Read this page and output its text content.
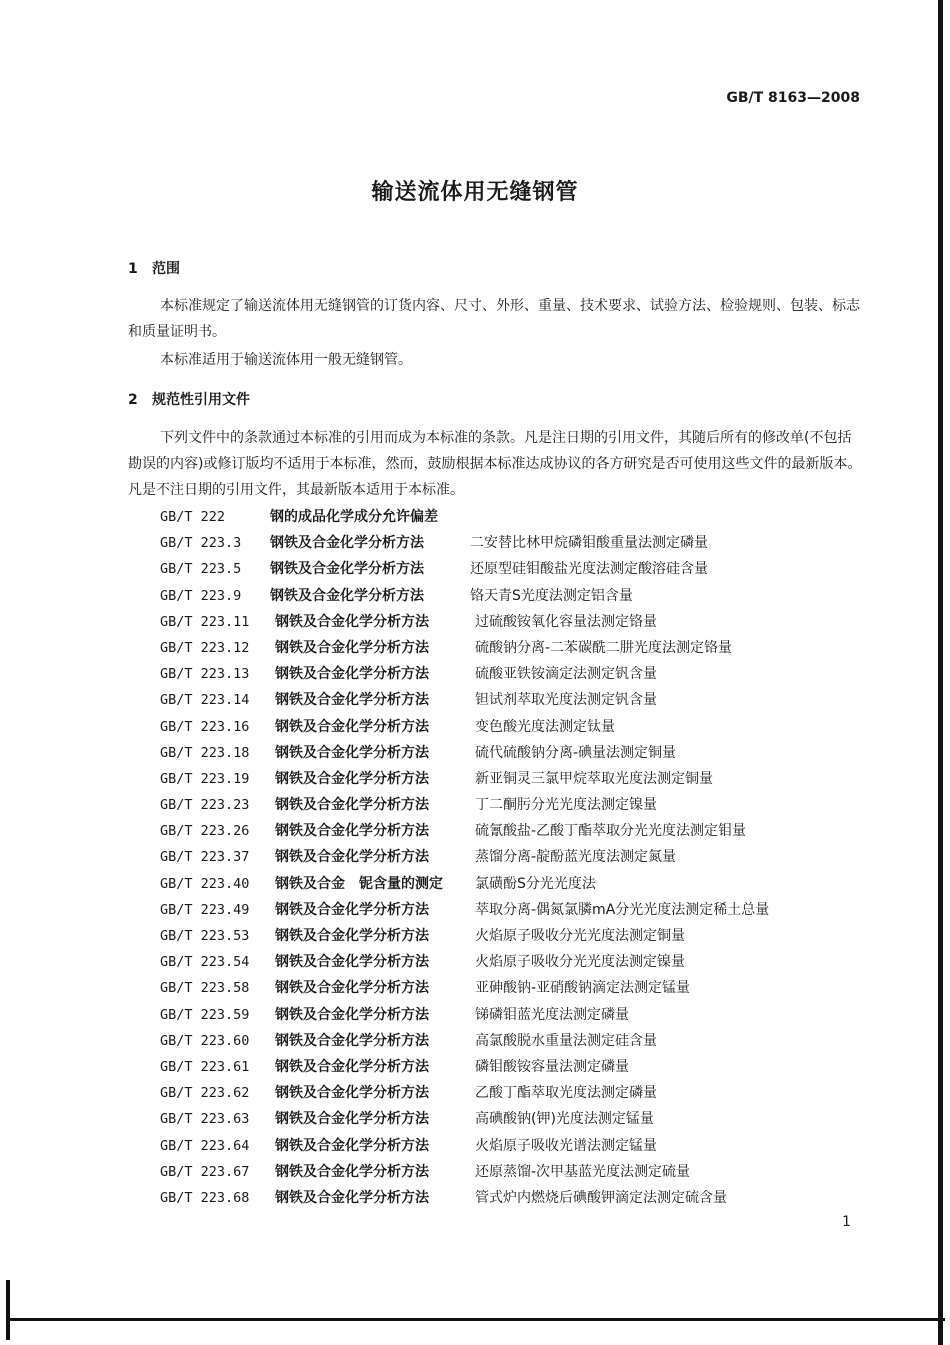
GB/T 8163—2008
输送流体用无缝钢管
1 范围

本标准规定了输送流体用无缝钢管的订货内容、尺寸、外形、重量、技术要求、试验方法、检验规则、包装、标志和质量证明书。

本标准适用于输送流体用一般无缝钢管。

2 规范性引用文件

下列文件中的条款通过本标准的引用而成为本标准的条款。凡是注日期的引用文件，其随后所有的修改单(不包括勘误的内容)或修订版均不适用于本标准，然而，鼓励根据本标准达成协议的各方研究是否可使用这些文件的最新版本。凡是不注日期的引用文件，其最新版本适用于本标准。

GB/T 222	钢的成品化学成分允许偏差
GB/T 223.3 钢铁及合金化学分析方法	二安替比林甲烷磷钼酸重量法测定磷量
GB/T 223.5 钢铁及合金化学分析方法	还原型硅钼酸盐光度法测定酸溶硅含量
GB/T 223.9 钢铁及合金化学分析方法	铬天青S光度法测定铝含量
GB/T 223.11 钢铁及合金化学分析方法	过硫酸铵氧化容量法测定铬量
GB/T 223.12 钢铁及合金化学分析方法	硫酸钠分离-二苯碳酰二肼光度法测定铬量
GB/T 223.13 钢铁及合金化学分析方法	硫酸亚铁铵滴定法测定钒含量
GB/T 223.14 钢铁及合金化学分析方法	钽试剂萃取光度法测定钒含量
GB/T 223.16 钢铁及合金化学分析方法	变色酸光度法测定钛量
GB/T 223.18 钢铁及合金化学分析方法	硫代硫酸钠分离-碘量法测定铜量
GB/T 223.19 钢铁及合金化学分析方法	新亚铜灵三氯甲烷萃取光度法测定铜量
GB/T 223.23 钢铁及合金化学分析方法	丁二酮肟分光光度法测定镍量
GB/T 223.26 钢铁及合金化学分析方法	硫氰酸盐-乙酸丁酯萃取分光光度法测定钼量
GB/T 223.37 钢铁及合金化学分析方法	蒸馏分离-靛酚蓝光度法测定氮量
GB/T 223.40 钢铁及合金　铌含量的测定 氯磺酚S分光光度法
GB/T 223.49 钢铁及合金化学分析方法	萃取分离-偶氮氯膦mA分光光度法测定稀土总量
GB/T 223.53 钢铁及合金化学分析方法	火焰原子吸收分光光度法测定铜量
GB/T 223.54 钢铁及合金化学分析方法	火焰原子吸收分光光度法测定镍量
GB/T 223.58 钢铁及合金化学分析方法	亚砷酸钠-亚硝酸钠滴定法测定锰量
GB/T 223.59 钢铁及合金化学分析方法	锑磷钼蓝光度法测定磷量
GB/T 223.60 钢铁及合金化学分析方法	高氯酸脱水重量法测定硅含量
GB/T 223.61 钢铁及合金化学分析方法	磷钼酸铵容量法测定磷量
GB/T 223.62 钢铁及合金化学分析方法	乙酸丁酯萃取光度法测定磷量
GB/T 223.63 钢铁及合金化学分析方法	高碘酸钠(钾)光度法测定锰量
GB/T 223.64 钢铁及合金化学分析方法	火焰原子吸收光谱法测定锰量
GB/T 223.67 钢铁及合金化学分析方法	还原蒸馏-次甲基蓝光度法测定硫量
GB/T 223.68 钢铁及合金化学分析方法	管式炉内燃烧后碘酸钾滴定法测定硫含量
1
